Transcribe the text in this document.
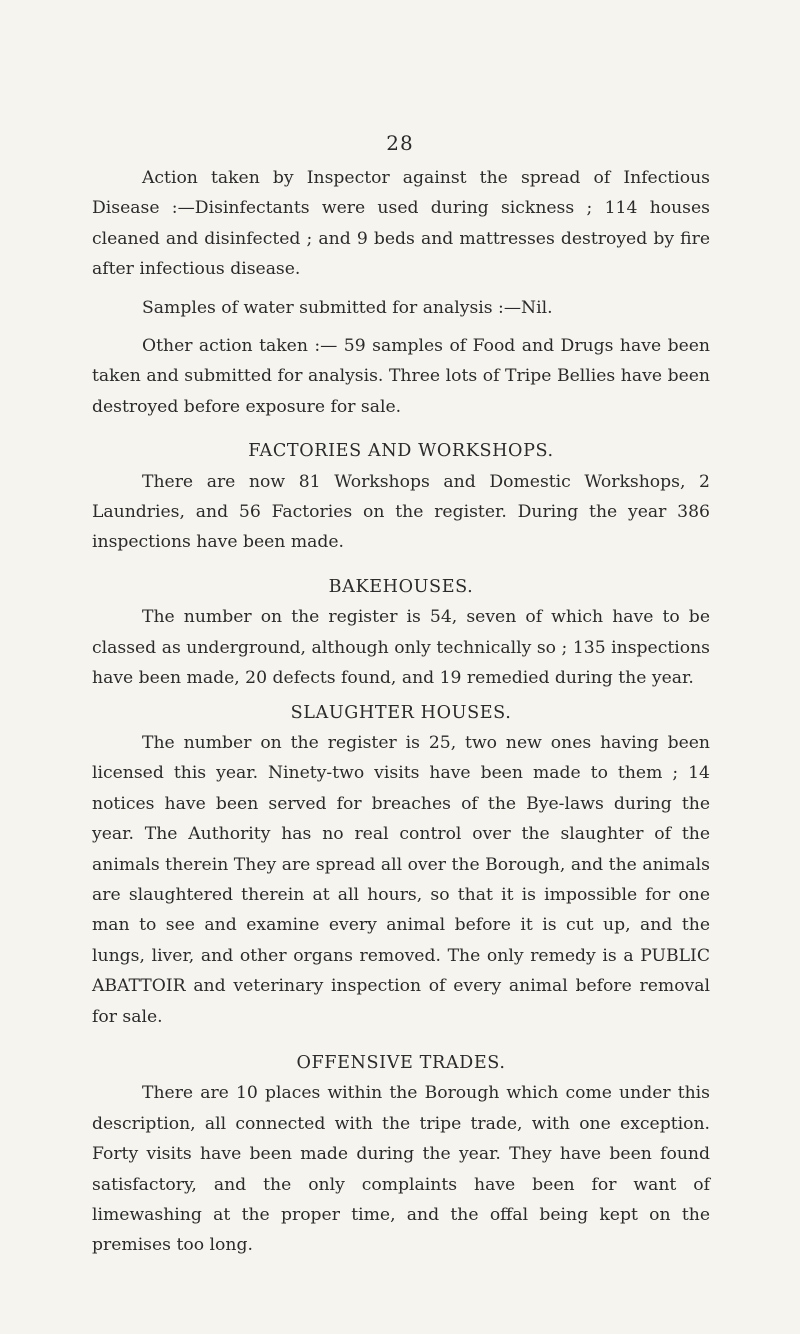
28

Action taken by Inspector against the spread of Infectious Disease :—Disinfectants were used during sickness ; 114 houses cleaned and disinfected ; and 9 beds and mattresses destroyed by fire after infectious disease.

Samples of water submitted for analysis :—Nil.

Other action taken :— 59 samples of Food and Drugs have been taken and submitted for analysis. Three lots of Tripe Bellies have been destroyed before exposure for sale.

FACTORIES AND WORKSHOPS.

There are now 81 Workshops and Domestic Workshops, 2 Laundries, and 56 Factories on the register. During the year 386 inspections have been made.

BAKEHOUSES.

The number on the register is 54, seven of which have to be classed as underground, although only technically so ; 135 inspections have been made, 20 defects found, and 19 remedied during the year.

SLAUGHTER HOUSES.

The number on the register is 25, two new ones having been licensed this year. Ninety-two visits have been made to them ; 14 notices have been served for breaches of the Bye-laws during the year. The Authority has no real control over the slaughter of the animals therein They are spread all over the Borough, and the animals are slaughtered therein at all hours, so that it is impossible for one man to see and examine every animal before it is cut up, and the lungs, liver, and other organs removed. The only remedy is a PUBLIC ABATTOIR and veterinary inspection of every animal before removal for sale.

OFFENSIVE TRADES.

There are 10 places within the Borough which come under this description, all connected with the tripe trade, with one exception. Forty visits have been made during the year. They have been found satisfactory, and the only complaints have been for want of limewashing at the proper time, and the offal being kept on the premises too long.
